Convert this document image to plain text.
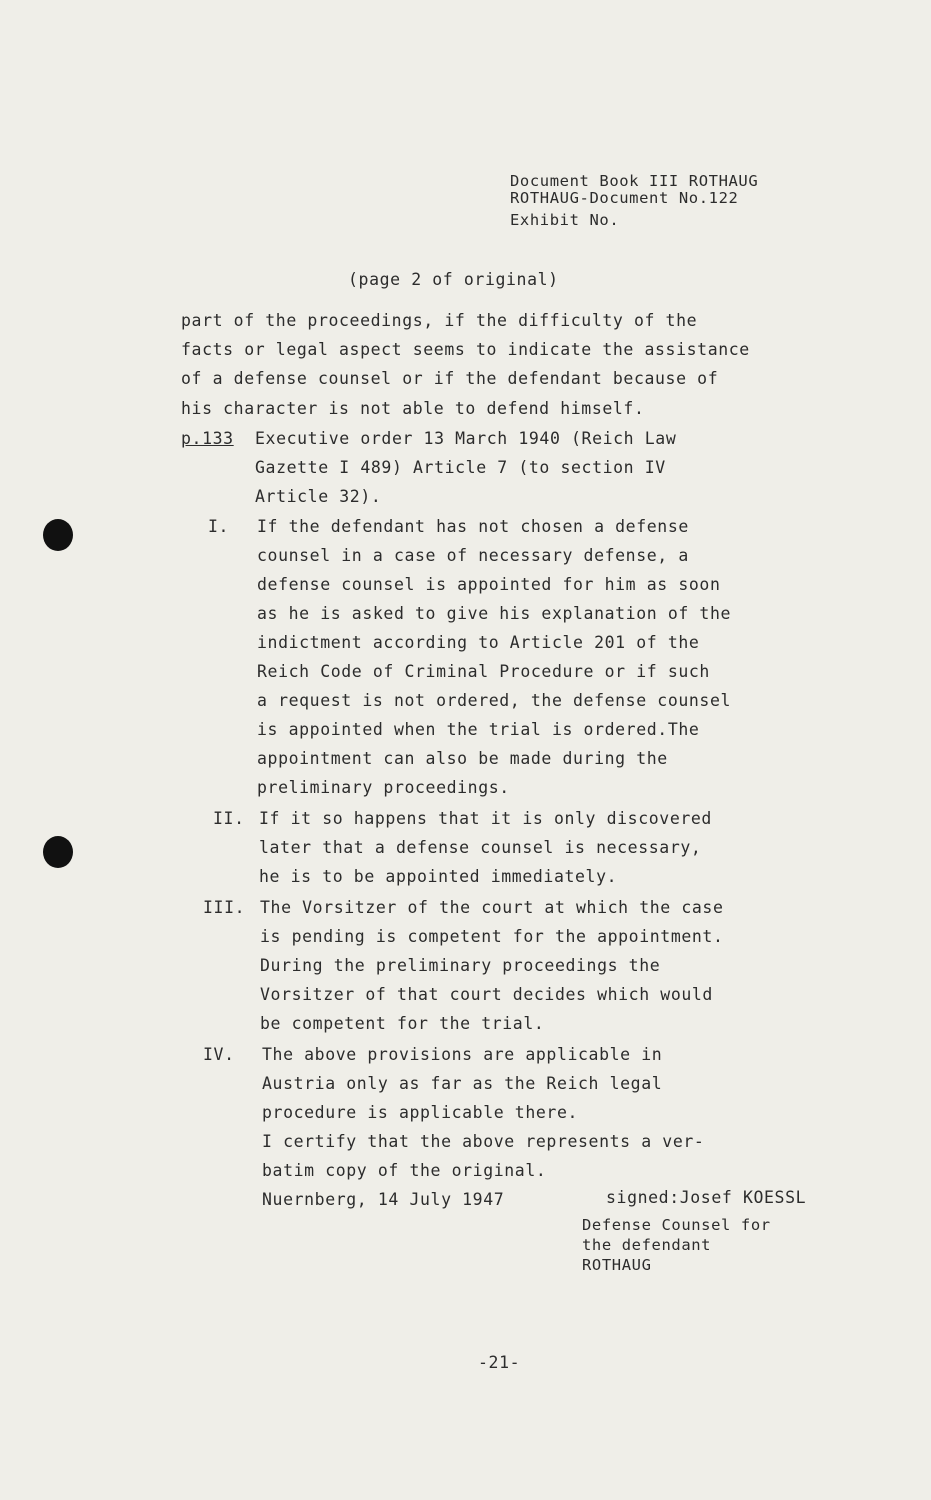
Document Book III ROTHAUG
ROTHAUG-Document No.122
Exhibit No.
(page 2 of original)
part of the proceedings, if the difficulty of the
facts or legal aspect seems to indicate the assistance
of a defense counsel or if the defendant because of
his character is not able to defend himself.
p.133 Executive order 13 March 1940 (Reich Law
Gazette I 489) Article 7 (to section IV
Article 32).
I. If the defendant has not chosen a defense
counsel in a case of necessary defense, a
defense counsel is appointed for him as soon
as he is asked to give his explanation of the
indictment according to Article 201 of the
Reich Code of Criminal Procedure or if such
a request is not ordered, the defense counsel
is appointed when the trial is ordered.The
appointment can also be made during the
preliminary proceedings.
II. If it so happens that it is only discovered
later that a defense counsel is necessary,
he is to be appointed immediately.
III. The Vorsitzer of the court at which the case
is pending is competent for the appointment.
During the preliminary proceedings the
Vorsitzer of that court decides which would
be competent for the trial.
IV. The above provisions are applicable in
Austria only as far as the Reich legal
procedure is applicable there.
I certify that the above represents a ver-
batim copy of the original.
Nuernberg, 14 July 1947	signed:Josef KOESSL
Defense Counsel for
the defendant
ROTHAUG
-21-
